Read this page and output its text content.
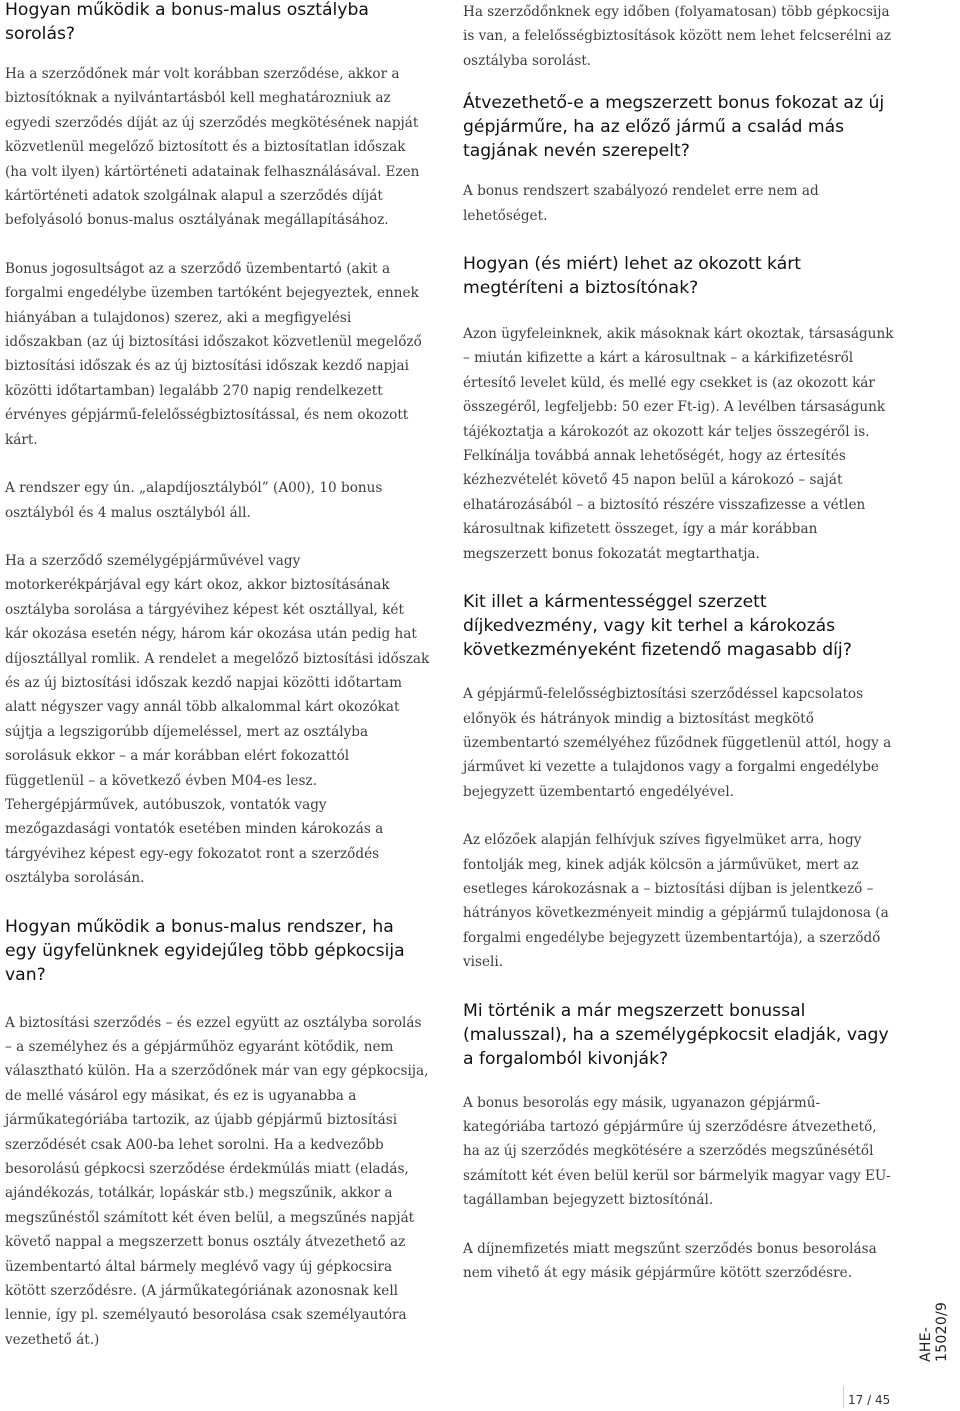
Hogyan működik a bonus-malus osztályba sorolás?

Ha a szerződőnek már volt korábban szerződése, akkor a biztosítóknak a nyilvántartásból kell meghatározniuk az egyedi szerződés díját az új szerződés megkötésének napját közvetlenül megelőző biztosított és a biztosítatlan időszak (ha volt ilyen) kártörténeti adatainak felhasználásával. Ezen kártörténeti adatok szolgálnak alapul a szerződés díját befolyásoló bonus-malus osztályának megállapításához.

Bonus jogosultságot az a szerződő üzembentartó (akit a forgalmi engedélybe üzemben tartóként bejegyeztek, ennek hiányában a tulajdonos) szerez, aki a megfigyelési időszakban (az új biztosítási időszakot közvetlenül megelőző biztosítási időszak és az új biztosítási időszak kezdő napjai közötti időtartamban) legalább 270 napig rendelkezett érvényes gépjármű-felelősségbiztosítással, és nem okozott kárt.

A rendszer egy ún. „alapdíjosztályból” (A00), 10 bonus osztályból és 4 malus osztályból áll.

Ha a szerződő személygépjárművével vagy motorkerékpárjával egy kárt okoz, akkor biztosításának osztályba sorolása a tárgyévihez képest két osztállyal, két kár okozása esetén négy, három kár okozása után pedig hat díjosztállyal romlik. A rendelet a megelőző biztosítási időszak és az új biztosítási időszak kezdő napjai közötti időtartam alatt négyszer vagy annál több alkalommal kárt okozókat sújtja a legszigorúbb díjemeléssel, mert az osztályba sorolásuk ekkor – a már korábban elért fokozattól függetlenül – a következő évben M04-es lesz. Tehergépjárművek, autóbuszok, vontatók vagy mezőgazdasági vontatók esetében minden károkozás a tárgyévihez képest egy-egy fokozatot ront a szerződés osztályba sorolásán.

Hogyan működik a bonus-malus rendszer, ha egy ügyfelünknek egyidejűleg több gépkocsija van?

A biztosítási szerződés – és ezzel együtt az osztályba sorolás – a személyhez és a gépjárműhöz egyaránt kötődik, nem választható külön. Ha a szerződőnek már van egy gépkocsija, de mellé vásárol egy másikat, és ez is ugyanabba a járműkategóriába tartozik, az újabb gépjármű biztosítási szerződését csak A00-ba lehet sorolni. Ha a kedvezőbb besorolású gépkocsi szerződése érdekmúlás miatt (eladás, ajándékozás, totálkár, lopáskár stb.) megszűnik, akkor a megszűnéstől számított két éven belül, a megszűnés napját követő nappal a megszerzett bonus osztály átvezethető az üzembentartó által bármely meglévő vagy új gépkocsira kötött szerződésre. (A járműkategóriának azonosnak kell lennie, így pl. személyautó besorolása csak személyautóra vezethető át.)

Ha szerződőnknek egy időben (folyamatosan) több gépkocsija is van, a felelősségbiztosítások között nem lehet felcserélni az osztályba sorolást.

Átvezethető-e a megszerzett bonus fokozat az új gépjárműre, ha az előző jármű a család más tagjának nevén szerepelt?

A bonus rendszert szabályozó rendelet erre nem ad lehetőséget.

Hogyan (és miért) lehet az okozott kárt megtéríteni a biztosítónak?

Azon ügyfeleinknek, akik másoknak kárt okoztak, társaságunk – miután kifizette a kárt a károsultnak – a kárkifizetésről értesítő levelet küld, és mellé egy csekket is (az okozott kár összegéről, legfeljebb: 50 ezer Ft-ig). A levélben társaságunk tájékoztatja a károkozót az okozott kár teljes összegéről is. Felkínálja továbbá annak lehetőségét, hogy az értesítés kézhezvételét követő 45 napon belül a károkozó – saját elhatározásából – a biztosító részére visszafizesse a vétlen károsultnak kifizetett összeget, így a már korábban megszerzett bonus fokozatát megtarthatja.

Kit illet a kármentességgel szerzett díjkedvezmény, vagy kit terhel a károkozás következményeként fizetendő magasabb díj?

A gépjármű-felelősségbiztosítási szerződéssel kapcsolatos előnyök és hátrányok mindig a biztosítást megkötő üzembentartó személyéhez fűződnek függetlenül attól, hogy a járművet ki vezette a tulajdonos vagy a forgalmi engedélybe bejegyzett üzembentartó engedélyével.

Az előzőek alapján felhívjuk szíves figyelmüket arra, hogy fontolják meg, kinek adják kölcsön a járművüket, mert az esetleges károkozásnak a – biztosítási díjban is jelentkező – hátrányos következményeit mindig a gépjármű tulajdonosa (a forgalmi engedélybe bejegyzett üzembentartója), a szerződő viseli.

Mi történik a már megszerzett bonussal (malusszal), ha a személygépkocsit eladják, vagy a forgalomból kivonják?

A bonus besorolás egy másik, ugyanazon gépjármű-kategóriába tartozó gépjárműre új szerződésre átvezethető, ha az új szerződés megkötésére a szerződés megszűnésétől számított két éven belül kerül sor bármelyik magyar vagy EU-tagállamban bejegyzett biztosítónál.

A díjnemfizetés miatt megszűnt szerződés bonus besorolása nem vihető át egy másik gépjárműre kötött szerződésre.

AHE-15020/9
17 / 45
